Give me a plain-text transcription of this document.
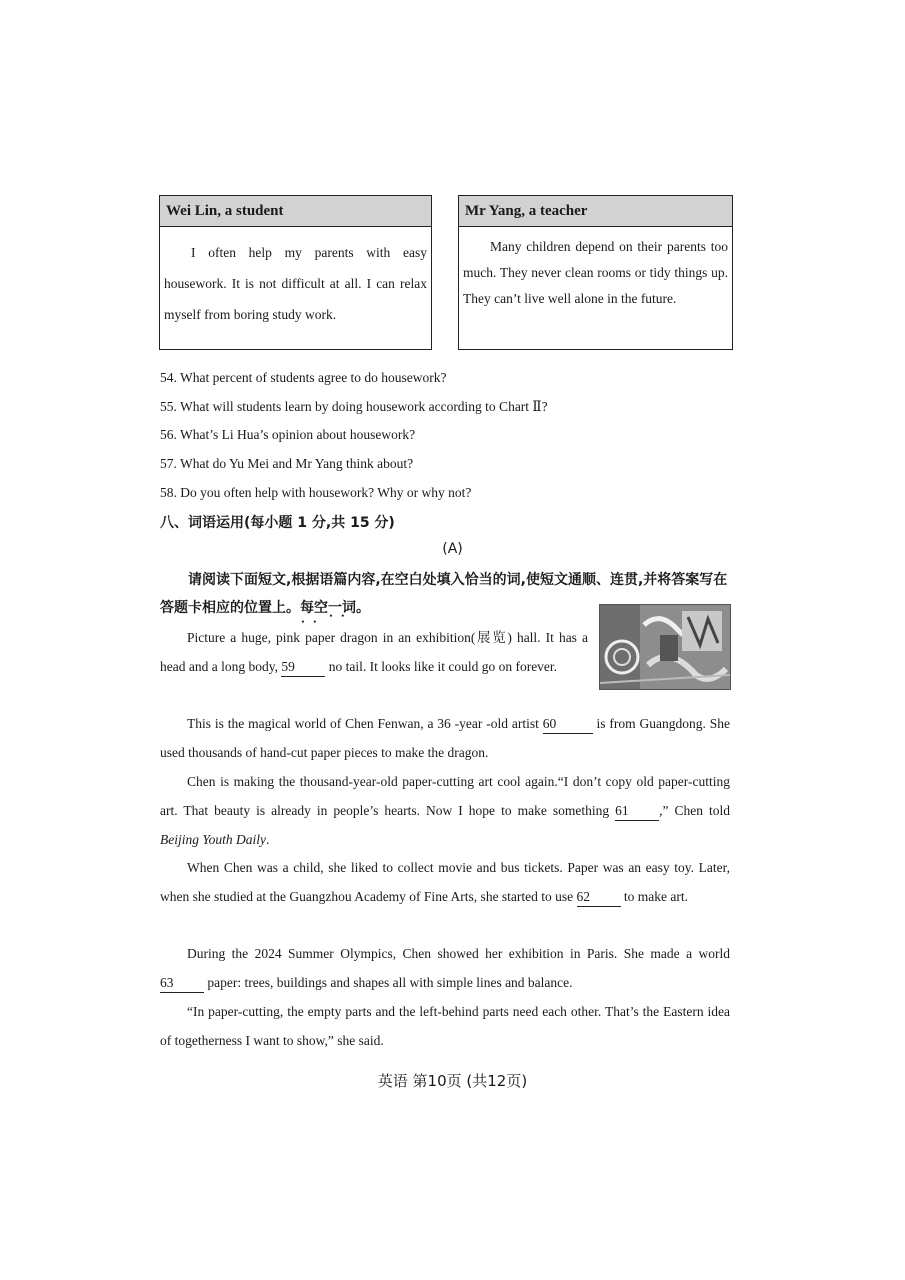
Wei Lin, a student
I often help my parents with easy housework. It is not difficult at all. I can relax myself from boring study work.
Mr Yang, a teacher
Many children depend on their parents too much. They never clean rooms or tidy things up. They can’t live well alone in the future.
54. What percent of students agree to do housework?
55. What will students learn by doing housework according to Chart Ⅱ?
56. What’s Li Hua’s opinion about housework?
57. What do Yu Mei and Mr Yang think about?
58. Do you often help with housework? Why or why not?
八、词语运用(每小题 1 分,共 15 分)
(A)
请阅读下面短文,根据语篇内容,在空白处填入恰当的词,使短文通顺、连贯,并将答案写在答题卡相应的位置上。每空一词 • • • •。
Picture a huge, pink paper dragon in an exhibition(展览) hall. It has a head and a long body, 59	no tail. It looks like it could go on forever.
This is the magical world of Chen Fenwan, a 36 -year -old artist 60	is from Guangdong. She used thousands of hand-cut paper pieces to make the dragon.
Chen is making the thousand-year-old paper-cutting art cool again.“I don’t copy old paper-cutting art. That beauty is already in people’s hearts. Now I hope to make something 61 ,” Chen told Beijing Youth Daily.
When Chen was a child, she liked to collect movie and bus tickets. Paper was an easy toy. Later, when she studied at the Guangzhou Academy of Fine Arts, she started to use 62	to make art.
During the 2024 Summer Olympics, Chen showed her exhibition in Paris. She made a world 63	paper: trees, buildings and shapes all with simple lines and balance.
“In paper-cutting, the empty parts and the left-behind parts need each other. That’s the Eastern idea of togetherness I want to show,” she said.
英语 第10页 (共12页)
